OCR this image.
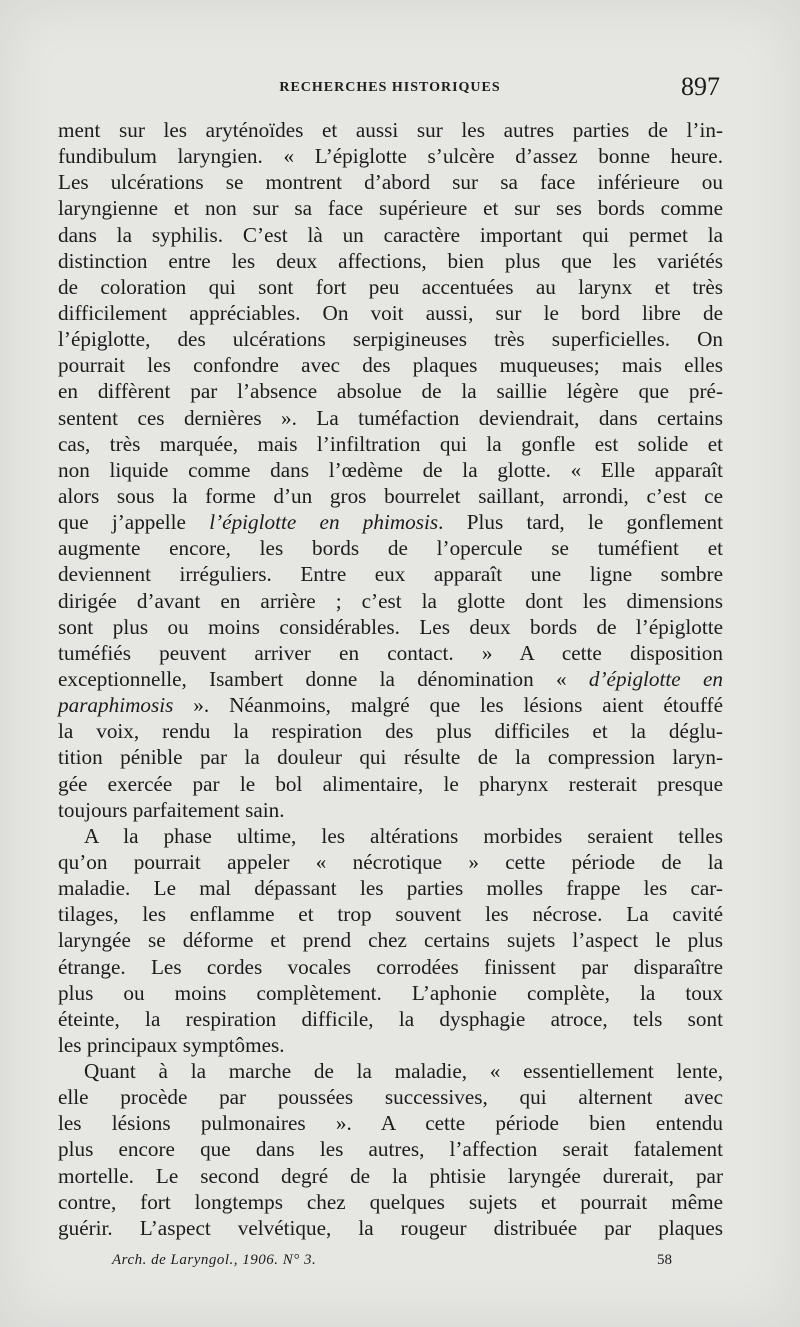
RECHERCHES HISTORIQUES	897
ment sur les aryténoïdes et aussi sur les autres parties de l’in-
fundibulum laryngien. « L’épiglotte s’ulcère d’assez bonne heure.
Les ulcérations se montrent d’abord sur sa face inférieure ou
laryngienne et non sur sa face supérieure et sur ses bords comme
dans la syphilis. C’est là un caractère important qui permet la
distinction entre les deux affections, bien plus que les variétés
de coloration qui sont fort peu accentuées au larynx et très
difficilement appréciables. On voit aussi, sur le bord libre de
l’épiglotte, des ulcérations serpigineuses très superficielles. On
pourrait les confondre avec des plaques muqueuses; mais elles
en diffèrent par l’absence absolue de la saillie légère que pré-
sentent ces dernières ». La tuméfaction deviendrait, dans certains
cas, très marquée, mais l’infiltration qui la gonfle est solide et
non liquide comme dans l’œdème de la glotte. « Elle apparaît
alors sous la forme d’un gros bourrelet saillant, arrondi, c’est ce
que j’appelle l’épiglotte en phimosis. Plus tard, le gonflement
augmente encore, les bords de l’opercule se tuméfient et
deviennent irréguliers. Entre eux apparaît une ligne sombre
dirigée d’avant en arrière ; c’est la glotte dont les dimensions
sont plus ou moins considérables. Les deux bords de l’épiglotte
tuméfiés peuvent arriver en contact. » A cette disposition
exceptionnelle, Isambert donne la dénomination « d’épiglotte en
paraphimosis ». Néanmoins, malgré que les lésions aient étouffé
la voix, rendu la respiration des plus difficiles et la déglu-
tition pénible par la douleur qui résulte de la compression laryn-
gée exercée par le bol alimentaire, le pharynx resterait presque
toujours parfaitement sain.
A la phase ultime, les altérations morbides seraient telles
qu’on pourrait appeler « nécrotique » cette période de la
maladie. Le mal dépassant les parties molles frappe les car-
tilages, les enflamme et trop souvent les nécrose. La cavité
laryngée se déforme et prend chez certains sujets l’aspect le plus
étrange. Les cordes vocales corrodées finissent par disparaître
plus ou moins complètement. L’aphonie complète, la toux
éteinte, la respiration difficile, la dysphagie atroce, tels sont
les principaux symptômes.
Quant à la marche de la maladie, « essentiellement lente,
elle procède par poussées successives, qui alternent avec
les lésions pulmonaires ». A cette période bien entendu
plus encore que dans les autres, l’affection serait fatalement
mortelle. Le second degré de la phtisie laryngée durerait, par
contre, fort longtemps chez quelques sujets et pourrait même
guérir. L’aspect velvétique, la rougeur distribuée par plaques
Arch. de Laryngol., 1906. N° 3.	58
